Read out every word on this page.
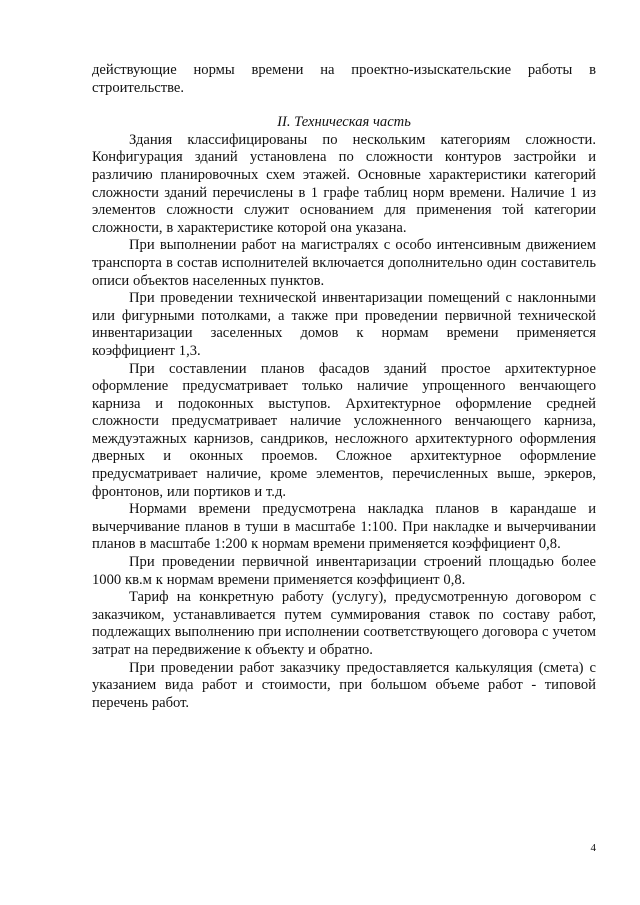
действующие нормы времени на проектно-изыскательские работы в строительстве.

II. Техническая часть

Здания классифицированы по нескольким категориям сложности. Конфигурация зданий установлена по сложности контуров застройки и различию планировочных схем этажей. Основные характеристики категорий сложности зданий перечислены в 1 графе таблиц норм времени. Наличие 1 из элементов сложности служит основанием для применения той категории сложности, в характеристике которой она указана.

При выполнении работ на магистралях с особо интенсивным движением транспорта в состав исполнителей включается дополнительно один составитель описи объектов населенных пунктов.

При проведении технической инвентаризации помещений с наклонными или фигурными потолками, а также при проведении первичной технической инвентаризации заселенных домов к нормам времени применяется коэффициент 1,3.

При составлении планов фасадов зданий простое архитектурное оформление предусматривает только наличие упрощенного венчающего карниза и подоконных выступов. Архитектурное оформление средней сложности предусматривает наличие усложненного венчающего карниза, междуэтажных карнизов, сандриков, несложного архитектурного оформления дверных и оконных проемов. Сложное архитектурное оформление предусматривает наличие, кроме элементов, перечисленных выше, эркеров, фронтонов, или портиков и т.д.

Нормами времени предусмотрена накладка планов в карандаше и вычерчивание планов в туши в масштабе 1:100. При накладке и вычерчивании планов в масштабе 1:200 к нормам времени применяется коэффициент 0,8.

При проведении первичной инвентаризации строений площадью более 1000 кв.м к нормам времени применяется коэффициент 0,8.

Тариф на конкретную работу (услугу), предусмотренную договором с заказчиком, устанавливается путем суммирования ставок по составу работ, подлежащих выполнению при исполнении соответствующего договора с учетом затрат на передвижение к объекту и обратно.

При проведении работ заказчику предоставляется калькуляция (смета) с указанием вида работ и стоимости, при большом объеме работ - типовой перечень работ.

4
